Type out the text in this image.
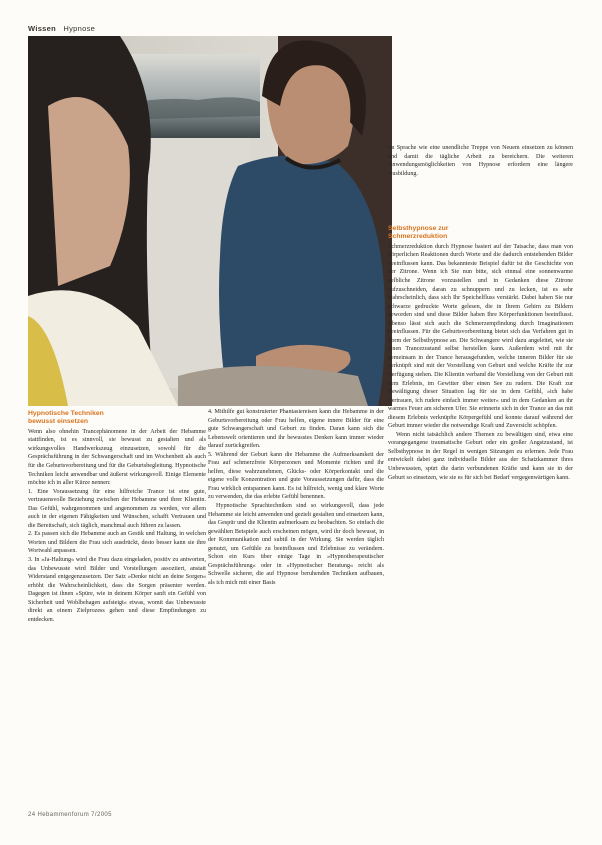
Wissen Hypnose

im Sprache wie eine unendliche Treppe von Neuem einsetzen zu können und damit die tägliche Arbeit zu bereichern. Die weiteren Anwendungsmöglichkeiten von Hypnose erfordern eine längere Ausbildung.

Selbsthypnose zur
Schmerzreduktion

Schmerzreduktion durch Hypnose basiert auf der Tatsache, dass man von körperlichen Reaktionen durch Worte und die dadurch entstehenden Bilder beeinflussen kann. Das bekannteste Beispiel dafür ist die Geschichte von der Zitrone. Wenn ich Sie nun bitte, sich einmal eine sonnenwarme gelbliche Zitrone vorzustellen und in Gedanken diese Zitrone aufzuschneiden, daran zu schnuppern und zu lecken, ist es sehr wahrscheinlich, dass sich Ihr Speichelfluss verstärkt. Dabei haben Sie nur schwarze gedruckte Worte gelesen, die in Ihrem Gehirn zu Bildern geworden sind und diese Bilder haben Ihre Körperfunktionen beeinflusst. Ebenso lässt sich auch die Schmerzempfindung durch Imaginationen beeinflussen. Für die Geburtsvorbereitung bietet sich das Verfahren gut in Form der Selbsthypnose an. Die Schwangere wird dazu angeleitet, wie sie einen Trancezustand selbst herstellen kann. Außerdem wird mit ihr gemeinsam in der Trance herausgefunden, welche inneren Bilder für sie verknüpft sind mit der Vorstellung von Geburt und welche Kräfte ihr zur Verfügung stehen. Die Klientin verband die Vorstellung von der Geburt mit dem Erlebnis, im Gewitter über einen See zu rudern. Die Kraft zur Bewältigung dieser Situation lag für sie in dem Gefühl, »ich habe Vertrauen, ich rudere einfach immer weiter« und in dem Gedanken an ihr warmes Feuer am sicheren Ufer. Sie erinnerte sich in der Trance an das mit diesem Erlebnis verknüpfte Körpergefühl und konnte darauf während der Geburt immer wieder die notwendige Kraft und Zuversicht schöpfen.

Wenn nicht tatsächlich andere Themen zu bewältigen sind, etwa eine vorangegangene traumatische Geburt oder ein großer Angstzustand, ist Selbsthypnose in der Regel in wenigen Sitzungen zu erlernen. Jede Frau entwickelt dabei ganz individuelle Bilder aus der Schatzkammer ihres Unbewussten, spürt die darin verbundenen Kräfte und kann sie in der Geburt so einsetzen, wie sie es für sich bei Bedarf vergegenwärtigen kann.

Hypnotische Techniken
bewusst einsetzen

Wenn also ohnehin Trancephänomene in der Arbeit der Hebamme stattfinden, ist es sinnvoll, sie bewusst zu gestalten und als wirkungsvolles Handwerkszeug einzusetzen, sowohl für die Gesprächsführung in der Schwangerschaft und im Wochenbett als auch für die Geburtsvorbereitung und für die Geburtsbegleitung. Hypnotische Techniken leicht anwendbar und äußerst wirkungsvoll. Einige Elemente möchte ich in aller Kürze nennen:

1. Eine Voraussetzung für eine hilfreiche Trance ist eine gute, vertrauensvolle Beziehung zwischen der Hebamme und ihrer Klientin. Das Gefühl, wahrgenommen und angenommen zu werden, vor allem auch in der eigenen Fähigkeiten und Wünschen, schafft Vertrauen und die Bereitschaft, sich täglich, manchmal auch führen zu lassen.

2. Es passen sich die Hebamme auch an Gestik und Haltung, in welchen Worten und Bildern die Frau sich ausdrückt, desto besser kann sie ihre Wortwahl anpassen.

3. In »Ja-Haltung« wird die Frau dazu eingeladen, positiv zu antworten, das Unbewusste wird Bilder und Vorstellungen assoziiert, anstatt Widerstand entgegenzusetzen. Der Satz »Denke nicht an deine Sorgen« erhöht die Wahrscheinlichkeit, dass die Sorgen präsenter werden. Dagegen ist ihnen »Spüre, wie in deinem Körper sanft ein Gefühl von Sicherheit und Wohlbehagen aufsteigt« etwas, womit das Unbewusste direkt an einem Zielprozess gehen und diese Empfindungen zu entdecken.

4. Mithilfe gut konstruierter Phantasiereisen kann die Hebamme in der Geburtsvorbereitung oder Frau helfen, eigene innere Bilder für eine gute Schwangerschaft und Geburt zu finden. Daran kann sich die Lebenswelt orientieren und ihr bewusstes Denken kann immer wieder darauf zurückgreifen.

5. Während der Geburt kann die Hebamme die Aufmerksamkeit der Frau auf schmerzfreie Körperzonen und Momente richten und ihr helfen, diese wahrzunehmen, Glücks- oder Körperkontakt und die eigene volle Konzentration und gute Voraussetzungen dafür, dass die Frau wirklich entspannen kann. Es ist hilfreich, wenig und klare Worte zu verwenden, die das erlebte Gefühl benennen.

Hypnotische Sprachtechniken sind so wirkungsvoll, dass jede Hebamme sie leicht anwenden und gezielt gestalten und einsetzen kann, das Gespür und die Klientin aufmerksam zu beobachten. So einfach die gewählten Beispiele auch erscheinen mögen, wird ihr doch bewusst, in der Kommunikation und subtil in der Wirkung. Sie werden täglich genutzt, um Gefühle zu beeinflussen und Erlebnisse zu verändern. Schon ein Kurs über einige Tage in »Hypnotherapeutischer Gesprächsführung« oder in »Hypnotischer Beratung« reicht als Schwelle sicherer, die auf Hypnose beruhenden Techniken aufbauen, als ich mich mit einer Basis

24 Hebammenforum 7/2005
